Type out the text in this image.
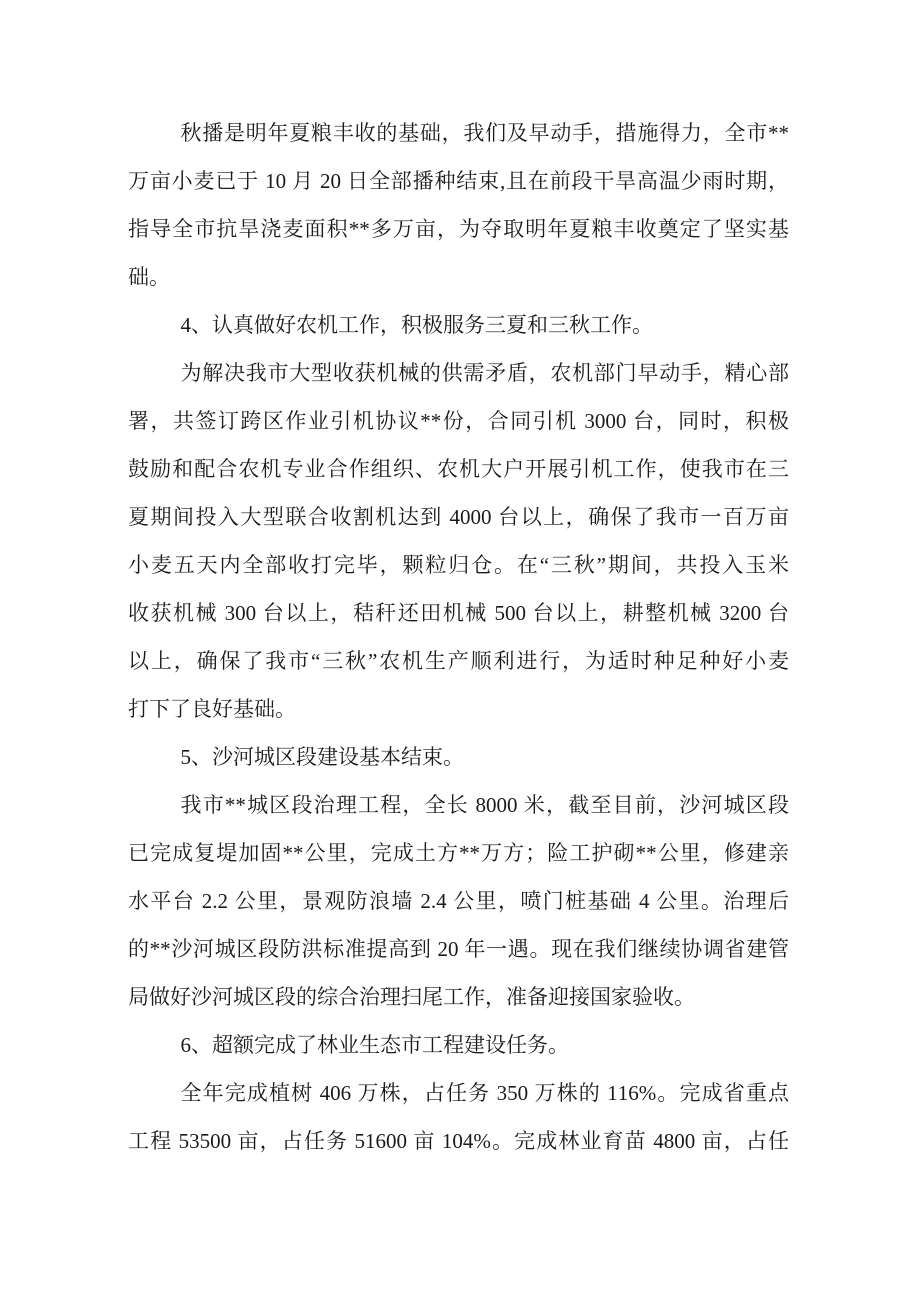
秋播是明年夏粮丰收的基础，我们及早动手，措施得力，全市**
万亩小麦已于 10 月 20 日全部播种结束,且在前段干旱高温少雨时期，
指导全市抗旱浇麦面积**多万亩，为夺取明年夏粮丰收奠定了坚实基
础。
4、认真做好农机工作，积极服务三夏和三秋工作。
为解决我市大型收获机械的供需矛盾，农机部门早动手，精心部
署，共签订跨区作业引机协议**份，合同引机 3000 台，同时，积极
鼓励和配合农机专业合作组织、农机大户开展引机工作，使我市在三
夏期间投入大型联合收割机达到 4000 台以上，确保了我市一百万亩
小麦五天内全部收打完毕，颗粒归仓。在“三秋”期间，共投入玉米
收获机械 300 台以上，秸秆还田机械 500 台以上，耕整机械 3200 台
以上，确保了我市“三秋”农机生产顺利进行，为适时种足种好小麦
打下了良好基础。
5、沙河城区段建设基本结束。
我市**城区段治理工程，全长 8000 米，截至目前，沙河城区段
已完成复堤加固**公里，完成土方**万方；险工护砌**公里，修建亲
水平台 2.2 公里，景观防浪墙 2.4 公里，喷门桩基础 4 公里。治理后
的**沙河城区段防洪标准提高到 20 年一遇。现在我们继续协调省建管
局做好沙河城区段的综合治理扫尾工作，准备迎接国家验收。
6、超额完成了林业生态市工程建设任务。
全年完成植树 406 万株，占任务 350 万株的 116%。完成省重点
工程 53500 亩，占任务 51600 亩 104%。完成林业育苗 4800 亩，占任
